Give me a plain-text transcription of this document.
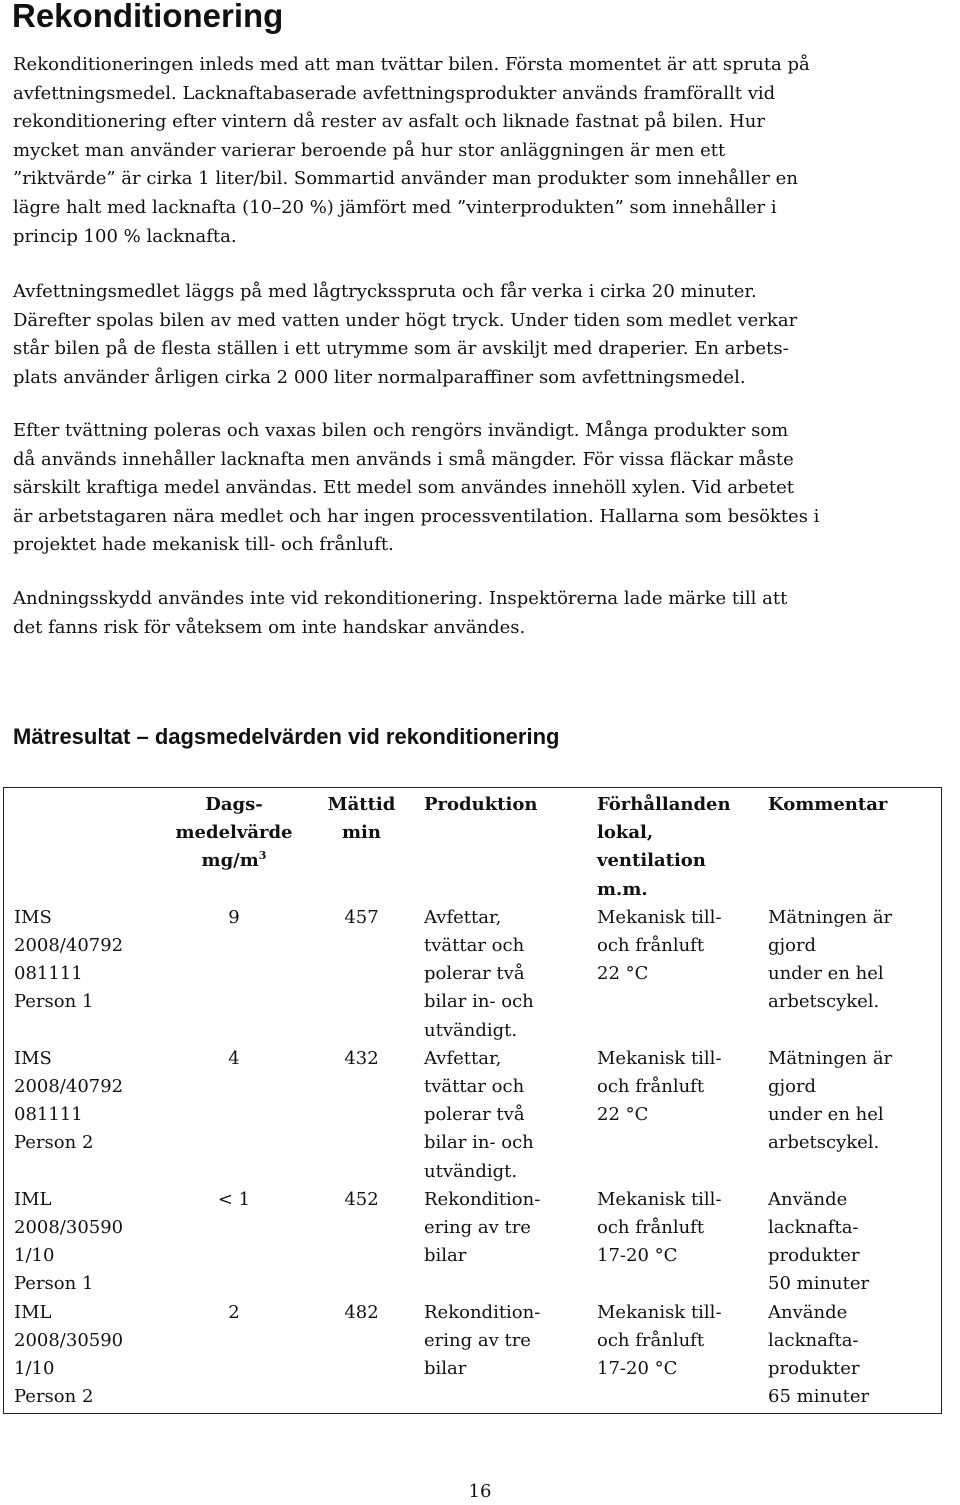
Rekonditionering

Rekonditioneringen inleds med att man tvättar bilen. Första momentet är att spruta på
avfettningsmedel. Lacknaftabaserade avfettningsprodukter används framförallt vid
rekonditionering efter vintern då rester av asfalt och liknade fastnat på bilen. Hur
mycket man använder varierar beroende på hur stor anläggningen är men ett
”riktvärde” är cirka 1 liter/bil. Sommartid använder man produkter som innehåller en
lägre halt med lacknafta (10–20 %) jämfört med ”vinterprodukten” som innehåller i
princip 100 % lacknafta.

Avfettningsmedlet läggs på med lågtrycksspruta och får verka i cirka 20 minuter.
Därefter spolas bilen av med vatten under högt tryck. Under tiden som medlet verkar
står bilen på de flesta ställen i ett utrymme som är avskiljt med draperier. En arbets-
plats använder årligen cirka 2 000 liter normalparaffiner som avfettningsmedel.

Efter tvättning poleras och vaxas bilen och rengörs invändigt. Många produkter som
då används innehåller lacknafta men används i små mängder. För vissa fläckar måste
särskilt kraftiga medel användas. Ett medel som användes innehöll xylen. Vid arbetet
är arbetstagaren nära medlet och har ingen processventilation. Hallarna som besöktes i
projektet hade mekanisk till- och frånluft.

Andningsskydd användes inte vid rekonditionering. Inspektörerna lade märke till att
det fanns risk för våteksem om inte handskar användes.

Mätresultat – dagsmedelvärden vid rekonditionering
	Dags-
medelvärde
$mg/m^3$	Mättid
min	Produktion	Förhållanden
lokal,
ventilation
m.m.	Kommentar
IMS
2008/40792
081111
Person 1	9	457	Avfettar,
tvättar och
polerar två
bilar in- och
utvändigt.	Mekanisk till-
och frånluft
22 °C	Mätningen är gjord
under en hel
arbetscykel.
IMS
2008/40792
081111
Person 2	4	432	Avfettar,
tvättar och
polerar två
bilar in- och
utvändigt.	Mekanisk till-
och frånluft
22 °C	Mätningen är gjord
under en hel
arbetscykel.
IML
2008/30590
1/10
Person 1	< 1	452	Rekondition-
ering av tre
bilar	Mekanisk till-
och frånluft
17-20 °C	Använde lacknafta-
produkter
50 minuter
IML
2008/30590
1/10
Person 2	2	482	Rekondition-
ering av tre
bilar	Mekanisk till-
och frånluft
17-20 °C	Använde lacknafta-
produkter
65 minuter
16
